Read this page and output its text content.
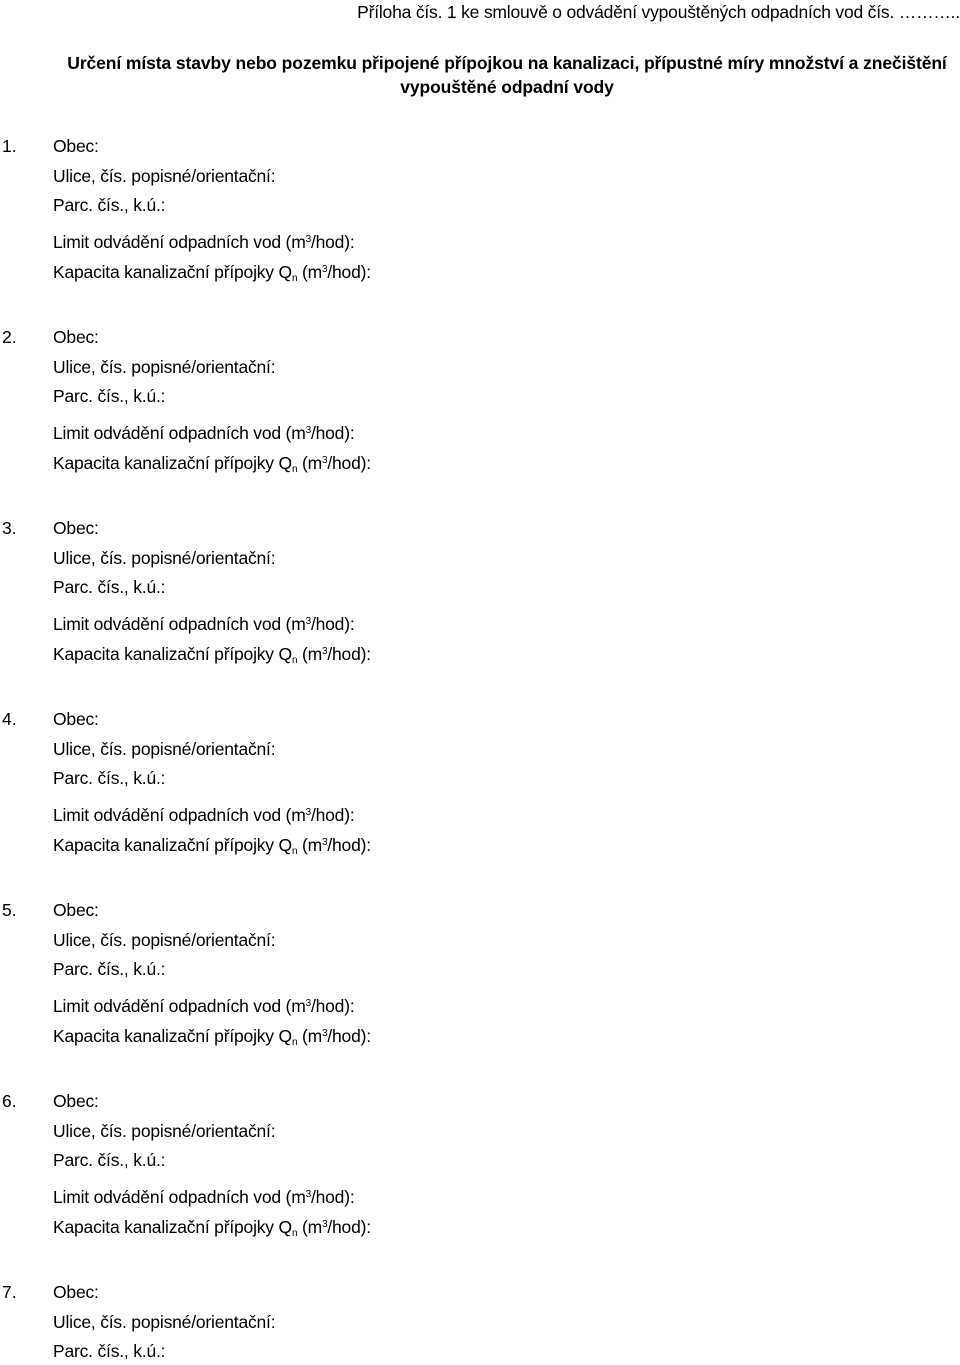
Příloha čís. 1 ke smlouvě o odvádění vypouštěných odpadních vod čís. ………..
Určení místa stavby nebo pozemku připojené přípojkou na kanalizaci, přípustné míry množství a znečištění
vypouštěné odpadní vody
1. Obec:
Ulice, čís. popisné/orientační:
Parc. čís., k.ú.:
Limit odvádění odpadních vod $(m^3/hod)$:
Kapacita kanalizační přípojky $Q_n$ $(m^3/hod)$:
2. Obec:
Ulice, čís. popisné/orientační:
Parc. čís., k.ú.:
Limit odvádění odpadních vod $(m^3/hod)$:
Kapacita kanalizační přípojky $Q_n$ $(m^3/hod)$:
3. Obec:
Ulice, čís. popisné/orientační:
Parc. čís., k.ú.:
Limit odvádění odpadních vod $(m^3/hod)$:
Kapacita kanalizační přípojky $Q_n$ $(m^3/hod)$:
4. Obec:
Ulice, čís. popisné/orientační:
Parc. čís., k.ú.:
Limit odvádění odpadních vod $(m^3/hod)$:
Kapacita kanalizační přípojky $Q_n$ $(m^3/hod)$:
5. Obec:
Ulice, čís. popisné/orientační:
Parc. čís., k.ú.:
Limit odvádění odpadních vod $(m^3/hod)$:
Kapacita kanalizační přípojky $Q_n$ $(m^3/hod)$:
6. Obec:
Ulice, čís. popisné/orientační:
Parc. čís., k.ú.:
Limit odvádění odpadních vod $(m^3/hod)$:
Kapacita kanalizační přípojky $Q_n$ $(m^3/hod)$:
7. Obec:
Ulice, čís. popisné/orientační:
Parc. čís., k.ú.:
